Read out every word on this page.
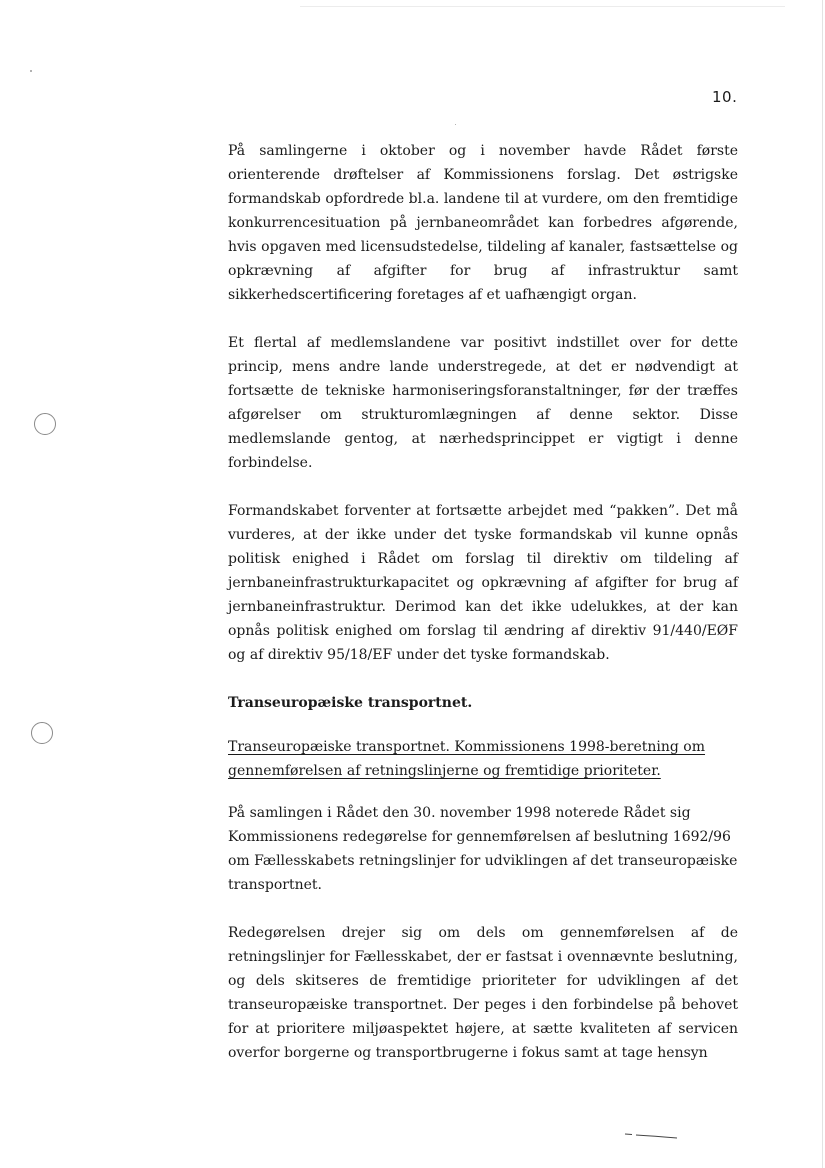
10.

På samlingerne i oktober og i november havde Rådet første orienterende drøftelser af Kommissionens forslag. Det østrigske formandskab opfordrede bl.a. landene til at vurdere, om den fremtidige konkurrencesituation på jernbaneområdet kan forbedres afgørende, hvis opgaven med licensudstedelse, tildeling af kanaler, fastsættelse og opkrævning af afgifter for brug af infrastruktur samt sikkerhedscertificering foretages af et uafhængigt organ.

Et flertal af medlemslandene var positivt indstillet over for dette princip, mens andre lande understregede, at det er nødvendigt at fortsætte de tekniske harmoniseringsforanstaltninger, før der træffes afgørelser om strukturomlægningen af denne sektor. Disse medlemslande gentog, at nærhedsprincippet er vigtigt i denne forbindelse.

Formandskabet forventer at fortsætte arbejdet med “pakken”. Det må vurderes, at der ikke under det tyske formandskab vil kunne opnås politisk enighed i Rådet om forslag til direktiv om tildeling af jernbaneinfrastrukturkapacitet og opkrævning af afgifter for brug af jernbaneinfrastruktur. Derimod kan det ikke udelukkes, at der kan opnås politisk enighed om forslag til ændring af direktiv 91/440/EØF og af direktiv 95/18/EF under det tyske formandskab.

Transeuropæiske transportnet.

Transeuropæiske transportnet. Kommissionens 1998-beretning om gennemførelsen af retningslinjerne og fremtidige prioriteter.

På samlingen i Rådet den 30. november 1998 noterede Rådet sig Kommissionens redegørelse for gennemførelsen af beslutning 1692/96 om Fællesskabets retningslinjer for udviklingen af det transeuropæiske transportnet.

Redegørelsen drejer sig om dels om gennemførelsen af de retningslinjer for Fællesskabet, der er fastsat i ovennævnte beslutning, og dels skitseres de fremtidige prioriteter for udviklingen af det transeuropæiske transportnet. Der peges i den forbindelse på behovet for at prioritere miljøaspektet højere, at sætte kvaliteten af servicen overfor borgerne og transportbrugerne i fokus samt at tage hensyn
